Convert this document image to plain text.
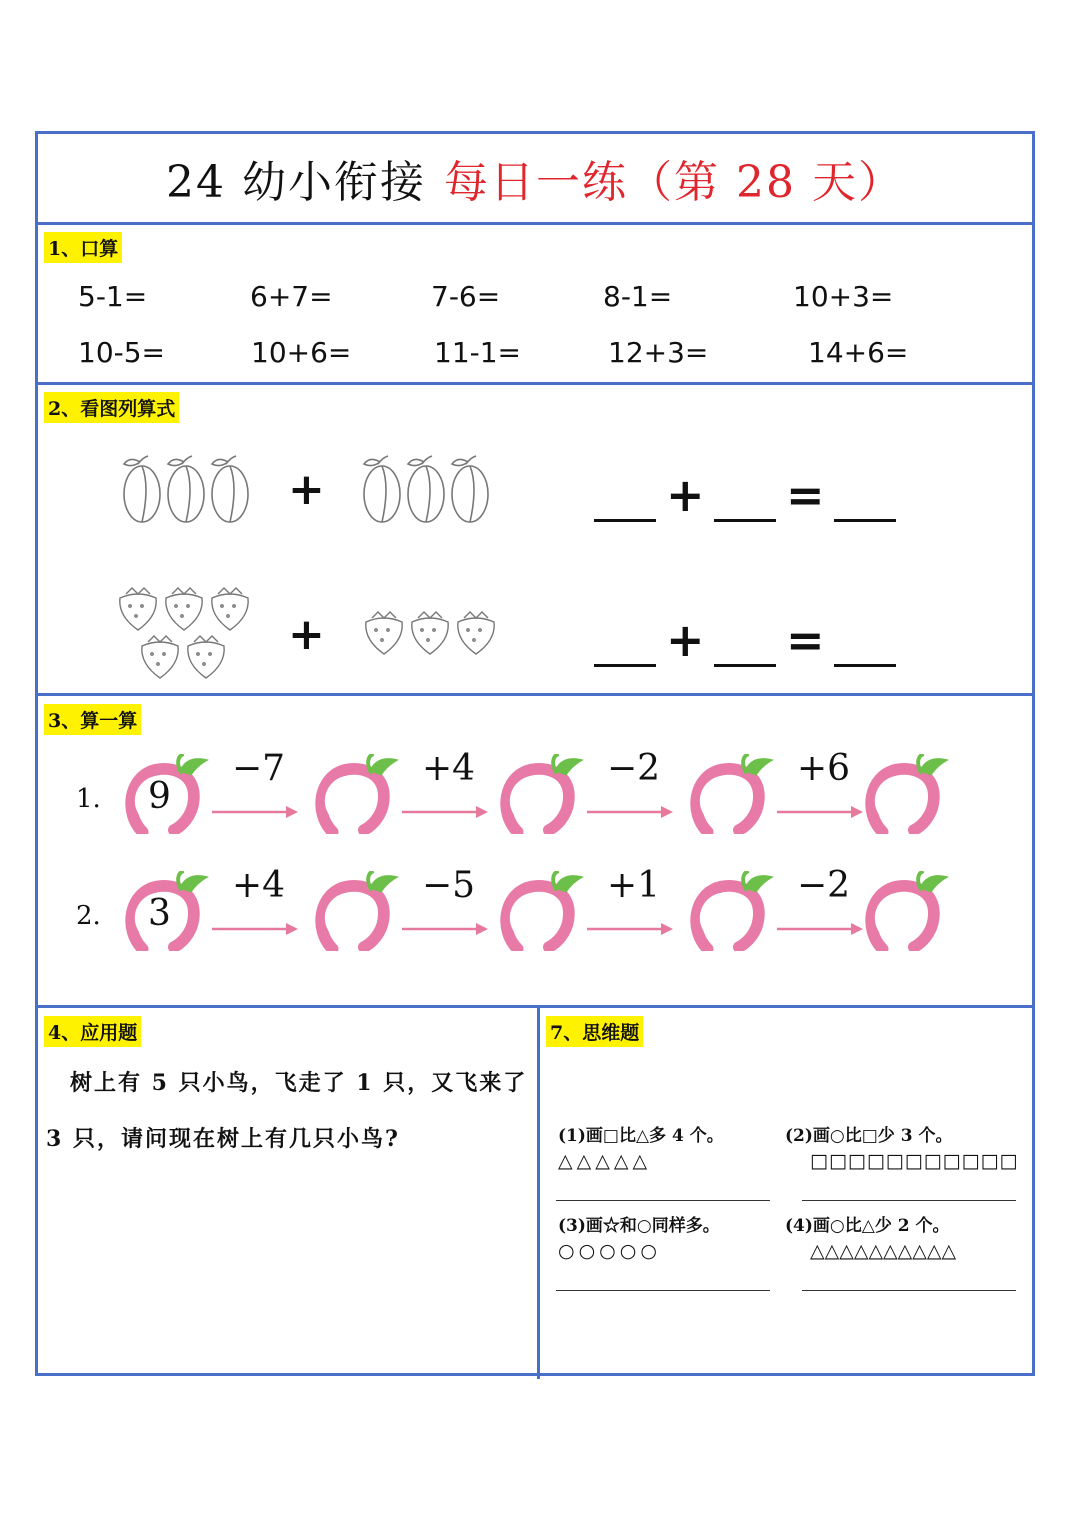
24 幼小衔接 每日一练（第 28 天）
1、口算
5-1=	6+7=	7-6=	8-1=	10+3=
10-5=	10+6=	11-1=	12+3=	14+6=
2、看图列算式
+	+ =
+	+ =
3、算一算
1. 9
−7	+4	−2	+6
2. 3
+4	−5	+1	−2
4、应用题
树上有 5 只小鸟，飞走了 1 只，又飞来了
3 只，请问现在树上有几只小鸟?
7、思维题
(1)画□比△多 4 个。
△△△△△
(2)画○比□少 3 个。
□□□□□□□□□□□
(3)画☆和○同样多。
○○○○○
(4)画○比△少 2 个。
△△△△△△△△△△
